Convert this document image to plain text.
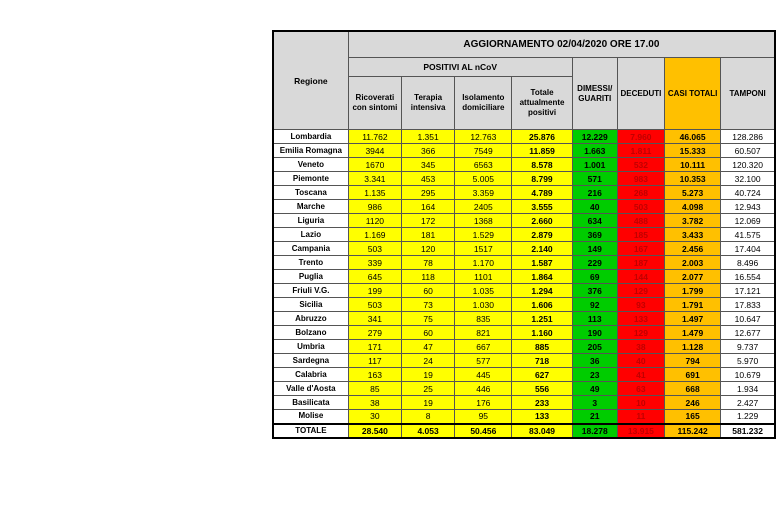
Regione	AGGIORNAMENTO 02/04/2020 ORE 17.00							
	POSITIVI AL nCoV				DIMESSI/ GUARITI	DECEDUTI	CASI TOTALI	TAMPONI
	Ricoverati con sintomi	Terapia intensiva	Isolamento domiciliare	Totale attualmente positivi				
Lombardia	11.762	1.351	12.763	25.876	12.229	7.960	46.065	128.286
Emilia Romagna	3944	366	7549	11.859	1.663	1.811	15.333	60.507
Veneto	1670	345	6563	8.578	1.001	532	10.111	120.320
Piemonte	3.341	453	5.005	8.799	571	983	10.353	32.100
Toscana	1.135	295	3.359	4.789	216	268	5.273	40.724
Marche	986	164	2405	3.555	40	503	4.098	12.943
Liguria	1120	172	1368	2.660	634	488	3.782	12.069
Lazio	1.169	181	1.529	2.879	369	185	3.433	41.575
Campania	503	120	1517	2.140	149	167	2.456	17.404
Trento	339	78	1.170	1.587	229	187	2.003	8.496
Puglia	645	118	1101	1.864	69	144	2.077	16.554
Friuli V.G.	199	60	1.035	1.294	376	129	1.799	17.121
Sicilia	503	73	1.030	1.606	92	93	1.791	17.833
Abruzzo	341	75	835	1.251	113	133	1.497	10.647
Bolzano	279	60	821	1.160	190	129	1.479	12.677
Umbria	171	47	667	885	205	38	1.128	9.737
Sardegna	117	24	577	718	36	40	794	5.970
Calabria	163	19	445	627	23	41	691	10.679
Valle d'Aosta	85	25	446	556	49	63	668	1.934
Basilicata	38	19	176	233	3	10	246	2.427
Molise	30	8	95	133	21	11	165	1.229
TOTALE	28.540	4.053	50.456	83.049	18.278	13.915	115.242	581.232
